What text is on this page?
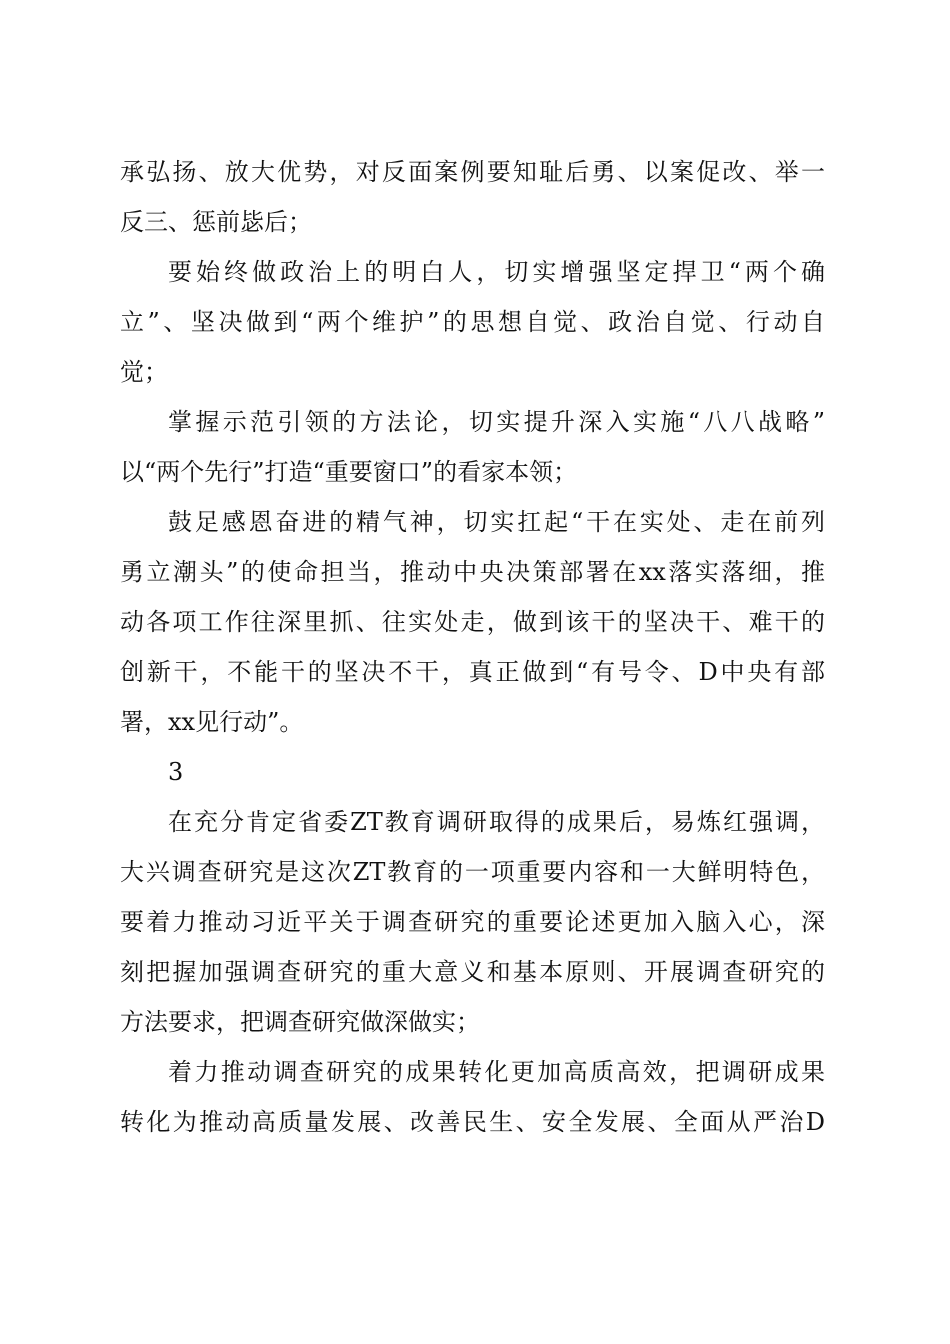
承弘扬、放大优势，对反面案例要知耻后勇、以案促改、举一
反三、惩前毖后；
要始终做政治上的明白人，切实增强坚定捍卫“两个确
立”、坚决做到“两个维护”的思想自觉、政治自觉、行动自
觉；
掌握示范引领的方法论，切实提升深入实施“八八战略”
以“两个先行”打造“重要窗口”的看家本领；
鼓足感恩奋进的精气神，切实扛起“干在实处、走在前列
勇立潮头”的使命担当，推动中央决策部署在xx落实落细，推
动各项工作往深里抓、往实处走，做到该干的坚决干、难干的
创新干，不能干的坚决不干，真正做到“有号令、D中央有部
署，xx见行动”。
3
在充分肯定省委ZT教育调研取得的成果后，易炼红强调，
大兴调查研究是这次ZT教育的一项重要内容和一大鲜明特色，
要着力推动习近平关于调查研究的重要论述更加入脑入心，深
刻把握加强调查研究的重大意义和基本原则、开展调查研究的
方法要求，把调查研究做深做实；
着力推动调查研究的成果转化更加高质高效，把调研成果
转化为推动高质量发展、改善民生、安全发展、全面从严治D
